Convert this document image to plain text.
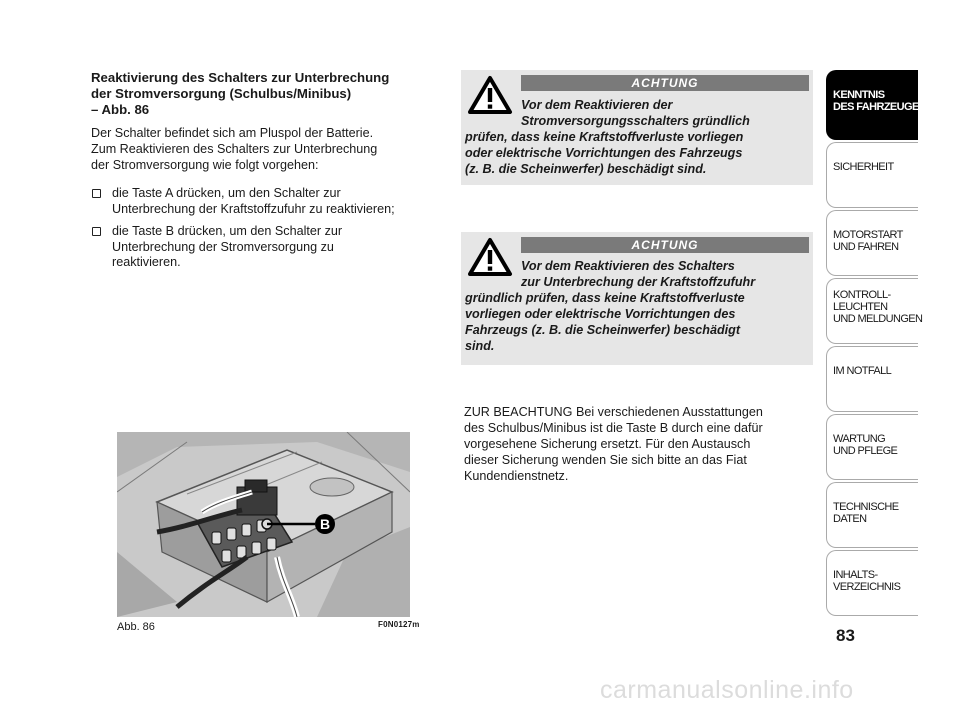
Reaktivierung des Schalters zur Unterbrechung
der Stromversorgung (Schulbus/Minibus)
– Abb. 86
Der Schalter befindet sich am Pluspol der Batterie.
Zum Reaktivieren des Schalters zur Unterbrechung
der Stromversorgung wie folgt vorgehen:
die Taste A drücken, um den Schalter zur
Unterbrechung der Kraftstoffzufuhr zu reaktivieren;
die Taste B drücken, um den Schalter zur
Unterbrechung der Stromversorgung zu
reaktivieren.
ACHTUNG
Vor dem Reaktivieren der
Stromversorgungsschalters gründlich
prüfen, dass keine Kraftstoffverluste vorliegen
oder elektrische Vorrichtungen des Fahrzeugs
(z. B. die Scheinwerfer) beschädigt sind.
ACHTUNG
Vor dem Reaktivieren des Schalters
zur Unterbrechung der Kraftstoffzufuhr
gründlich prüfen, dass keine Kraftstoffverluste
vorliegen oder elektrische Vorrichtungen des
Fahrzeugs (z. B. die Scheinwerfer) beschädigt
sind.
ZUR BEACHTUNG Bei verschiedenen Ausstattungen
des Schulbus/Minibus ist die Taste B durch eine dafür
vorgesehene Sicherung ersetzt. Für den Austausch
dieser Sicherung wenden Sie sich bitte an das Fiat
Kundendienstnetz.
B
Abb. 86	F0N0127m
KENNTNIS
DES FAHRZEUGES
SICHERHEIT
MOTORSTART
UND FAHREN
KONTROLL-
LEUCHTEN
UND MELDUNGEN
IM NOTFALL
WARTUNG
UND PFLEGE
TECHNISCHE
DATEN
INHALTS-
VERZEICHNIS
83
carmanualsonline.info
